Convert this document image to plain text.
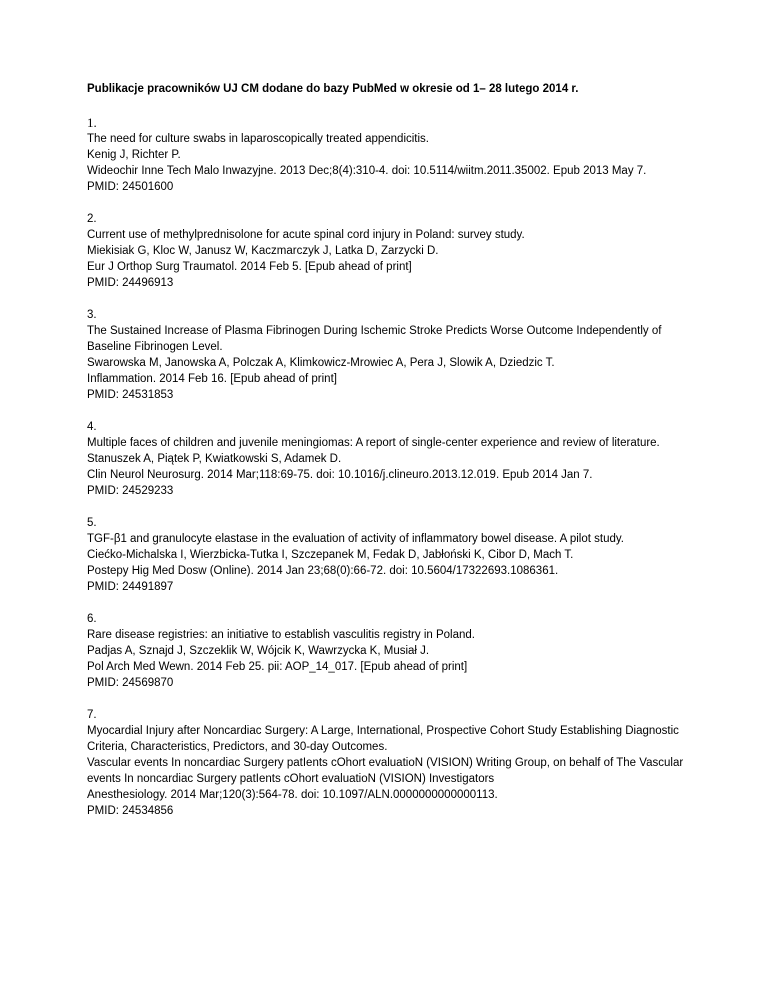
Publikacje pracowników UJ CM dodane do bazy PubMed w okresie od 1– 28 lutego 2014 r.
1.
The need for culture swabs in laparoscopically treated appendicitis.
Kenig J, Richter P.
Wideochir Inne Tech Malo Inwazyjne. 2013 Dec;8(4):310-4. doi: 10.5114/wiitm.2011.35002. Epub 2013 May 7.
PMID: 24501600
2.
Current use of methylprednisolone for acute spinal cord injury in Poland: survey study.
Miekisiak G, Kloc W, Janusz W, Kaczmarczyk J, Latka D, Zarzycki D.
Eur J Orthop Surg Traumatol. 2014 Feb 5. [Epub ahead of print]
PMID: 24496913
3.
The Sustained Increase of Plasma Fibrinogen During Ischemic Stroke Predicts Worse Outcome Independently of Baseline Fibrinogen Level.
Swarowska M, Janowska A, Polczak A, Klimkowicz-Mrowiec A, Pera J, Slowik A, Dziedzic T.
Inflammation. 2014 Feb 16. [Epub ahead of print]
PMID: 24531853
4.
Multiple faces of children and juvenile meningiomas: A report of single-center experience and review of literature.
Stanuszek A, Piątek P, Kwiatkowski S, Adamek D.
Clin Neurol Neurosurg. 2014 Mar;118:69-75. doi: 10.1016/j.clineuro.2013.12.019. Epub 2014 Jan 7.
PMID: 24529233
5.
TGF-β1 and granulocyte elastase in the evaluation of activity of inflammatory bowel disease. A pilot study.
Ciećko-Michalska I, Wierzbicka-Tutka I, Szczepanek M, Fedak D, Jabłoński K, Cibor D, Mach T.
Postepy Hig Med Dosw (Online). 2014 Jan 23;68(0):66-72. doi: 10.5604/17322693.1086361.
PMID: 24491897
6.
Rare disease registries: an initiative to establish vasculitis registry in Poland.
Padjas A, Sznajd J, Szczeklik W, Wójcik K, Wawrzycka K, Musiał J.
Pol Arch Med Wewn. 2014 Feb 25. pii: AOP_14_017. [Epub ahead of print]
PMID: 24569870
7.
Myocardial Injury after Noncardiac Surgery: A Large, International, Prospective Cohort Study Establishing Diagnostic Criteria, Characteristics, Predictors, and 30-day Outcomes.
Vascular events In noncardiac Surgery patIents cOhort evaluatioN (VISION) Writing Group, on behalf of The Vascular events In noncardiac Surgery patIents cOhort evaluatioN (VISION) Investigators
Anesthesiology. 2014 Mar;120(3):564-78. doi: 10.1097/ALN.0000000000000113.
PMID: 24534856
